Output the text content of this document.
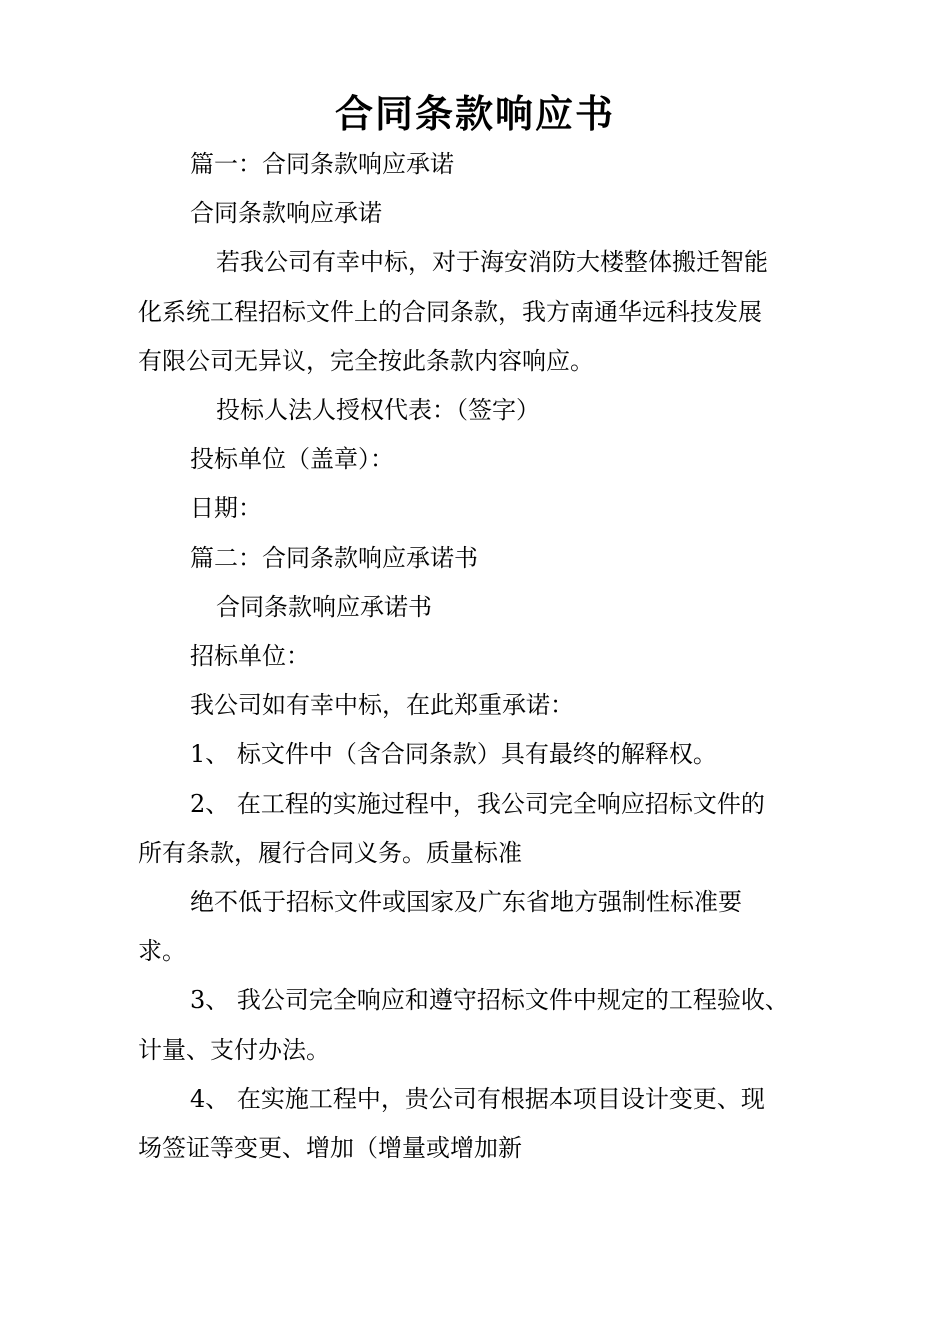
合同条款响应书

篇一：合同条款响应承诺

合同条款响应承诺

若我公司有幸中标，对于海安消防大楼整体搬迁智能

化系统工程招标文件上的合同条款，我方南通华远科技发展

有限公司无异议，完全按此条款内容响应。

投标人法人授权代表：（签字）

投标单位（盖章）：

日期：

篇二：合同条款响应承诺书

合同条款响应承诺书

招标单位：

我公司如有幸中标，在此郑重承诺：

1、 标文件中（含合同条款）具有最终的解释权。

2、 在工程的实施过程中，我公司完全响应招标文件的

所有条款，履行合同义务。质量标准

绝不低于招标文件或国家及广东省地方强制性标准要

求。

3、 我公司完全响应和遵守招标文件中规定的工程验收、

计量、支付办法。

4、 在实施工程中，贵公司有根据本项目设计变更、现

场签证等变更、增加（增量或增加新
